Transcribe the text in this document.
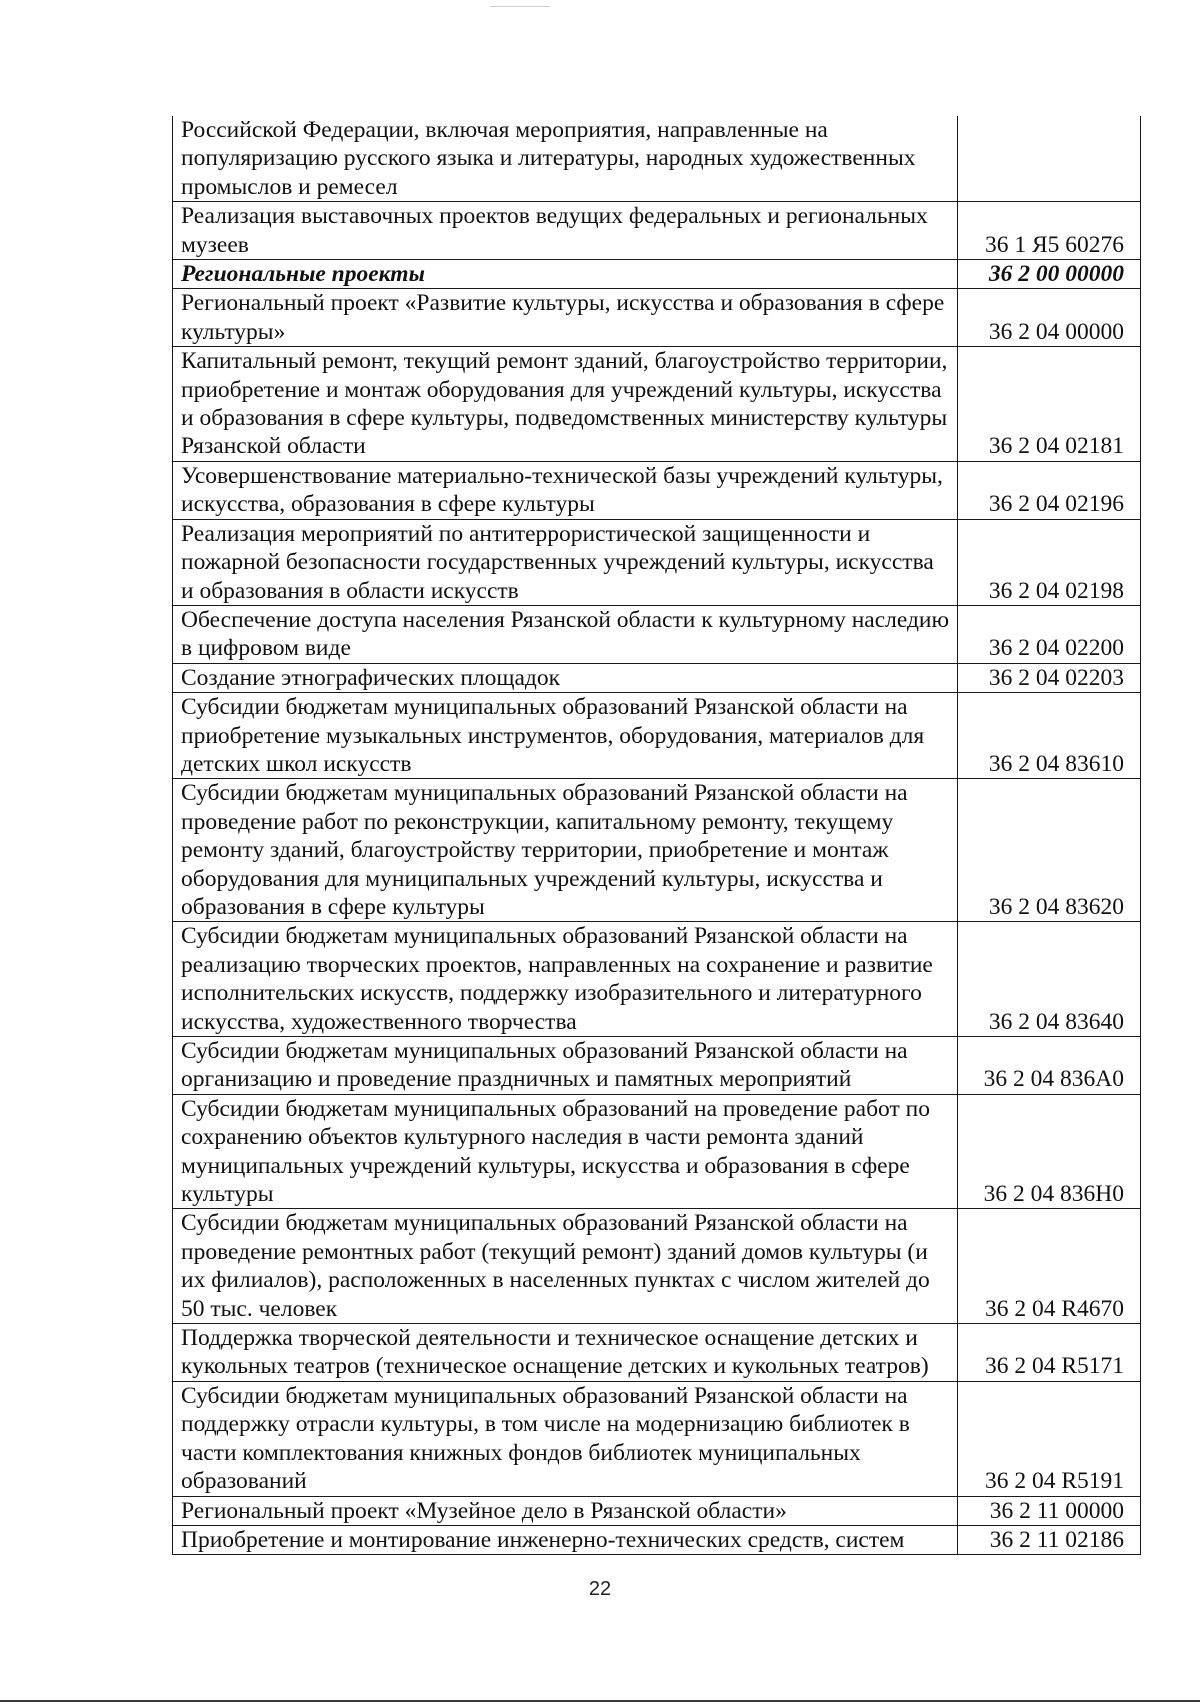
Российской Федерации, включая мероприятия, направленные на популяризацию русского языка и литературы, народных художественных промыслов и ремесел	
Реализация выставочных проектов ведущих федеральных и региональных музеев	36 1 Я5 60276
Региональные проекты	36 2 00 00000
Региональный проект «Развитие культуры, искусства и образования в сфере культуры»	36 2 04 00000
Капитальный ремонт, текущий ремонт зданий, благоустройство территории, приобретение и монтаж оборудования для учреждений культуры, искусства и образования в сфере культуры, подведомственных министерству культуры Рязанской области	36 2 04 02181
Усовершенствование материально-технической базы учреждений культуры, искусства, образования в сфере культуры	36 2 04 02196
Реализация мероприятий по антитеррористической защищенности и пожарной безопасности государственных учреждений культуры, искусства и образования в области искусств	36 2 04 02198
Обеспечение доступа населения Рязанской области к культурному наследию в цифровом виде	36 2 04 02200
Создание этнографических площадок	36 2 04 02203
Субсидии бюджетам муниципальных образований Рязанской области на приобретение музыкальных инструментов, оборудования, материалов для детских школ искусств	36 2 04 83610
Субсидии бюджетам муниципальных образований Рязанской области на проведение работ по реконструкции, капитальному ремонту, текущему ремонту зданий, благоустройству территории, приобретение и монтаж оборудования для муниципальных учреждений культуры, искусства и образования в сфере культуры	36 2 04 83620
Субсидии бюджетам муниципальных образований Рязанской области на реализацию творческих проектов, направленных на сохранение и развитие исполнительских искусств, поддержку изобразительного и литературного искусства, художественного творчества	36 2 04 83640
Субсидии бюджетам муниципальных образований Рязанской области на организацию и проведение праздничных и памятных мероприятий	36 2 04 836А0
Субсидии бюджетам муниципальных образований на проведение работ по сохранению объектов культурного наследия в части ремонта зданий муниципальных учреждений культуры, искусства и образования в сфере культуры	36 2 04 836Н0
Субсидии бюджетам муниципальных образований Рязанской области на проведение ремонтных работ (текущий ремонт) зданий домов культуры (и их филиалов), расположенных в населенных пунктах с числом жителей до 50 тыс. человек	36 2 04 R4670
Поддержка творческой деятельности и техническое оснащение детских и кукольных театров (техническое оснащение детских и кукольных театров)	36 2 04 R5171
Субсидии бюджетам муниципальных образований Рязанской области на поддержку отрасли культуры, в том числе на модернизацию библиотек в части комплектования книжных фондов библиотек муниципальных образований	36 2 04 R5191
Региональный проект «Музейное дело в Рязанской области»	36 2 11 00000
Приобретение и монтирование инженерно-технических средств, систем	36 2 11 02186
22
